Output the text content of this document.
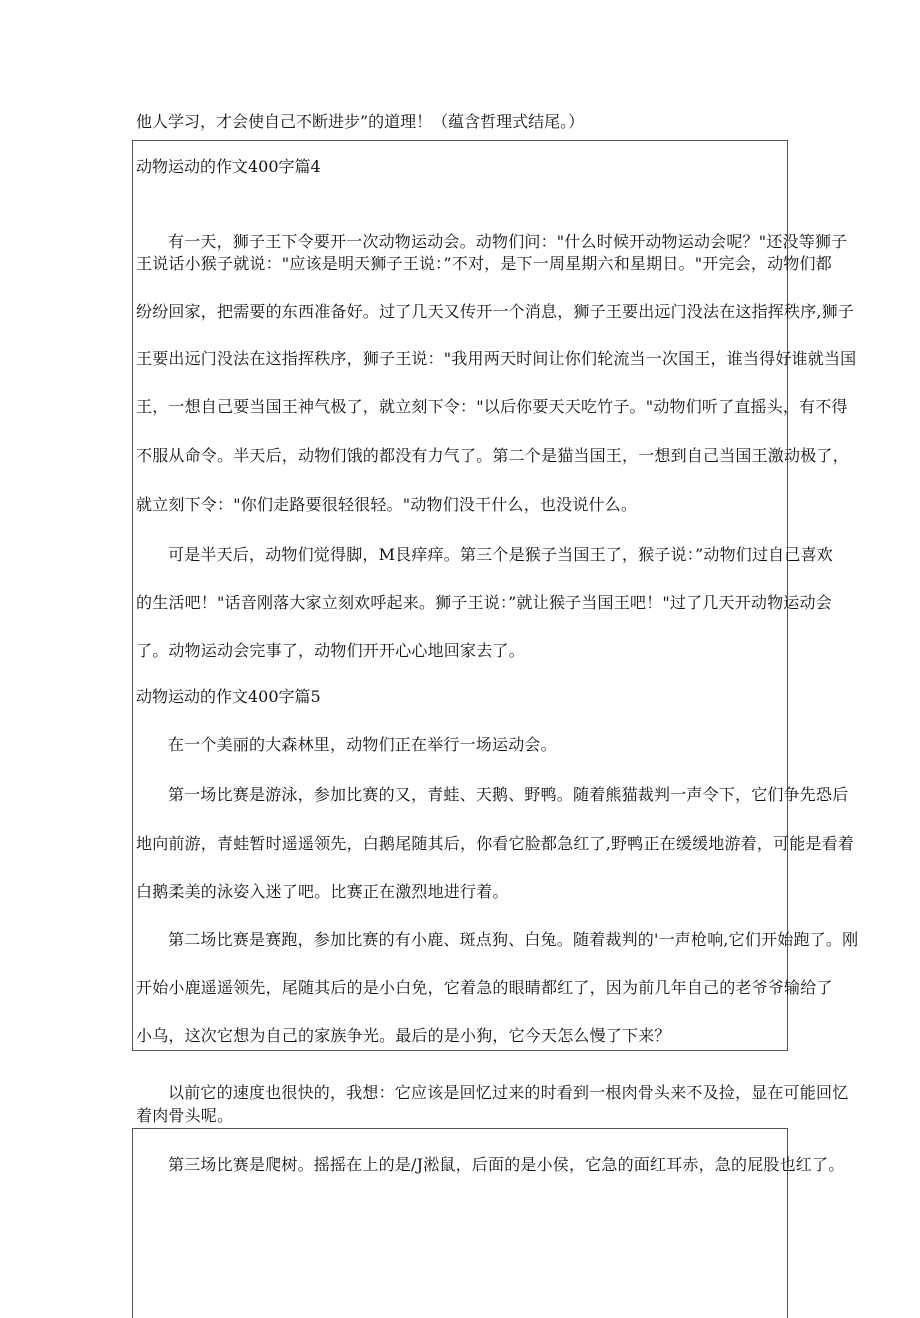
他人学习，才会使自己不断进步”的道理！（蕴含哲理式结尾。）

动物运动的作文400字篇4

有一天，狮子王下令要开一次动物运动会。动物们问："什么时候开动物运动会呢？"还没等狮子

王说话小猴子就说："应该是明天狮子王说：”不对，是下一周星期六和星期日。"开完会，动物们都

纷纷回家，把需要的东西准备好。过了几天又传开一个消息，狮子王要出远门没法在这指挥秩序,狮子

王要出远门没法在这指挥秩序，狮子王说："我用两天时间让你们轮流当一次国王，谁当得好谁就当国

王，一想自己要当国王神气极了，就立刻下令："以后你要天天吃竹子。"动物们听了直摇头，有不得

不服从命令。半天后，动物们饿的都没有力气了。第二个是猫当国王，一想到自己当国王激动极了，

就立刻下令："你们走路要很轻很轻。"动物们没干什么，也没说什么。

可是半天后，动物们觉得脚，M艮痒痒。第三个是猴子当国王了，猴子说：”动物们过自己喜欢

的生活吧！"话音刚落大家立刻欢呼起来。狮子王说：”就让猴子当国王吧！"过了几天开动物运动会

了。动物运动会完事了，动物们开开心心地回家去了。

动物运动的作文400字篇5

在一个美丽的大森林里，动物们正在举行一场运动会。

第一场比赛是游泳，参加比赛的又，青蛙、天鹅、野鸭。随着熊猫裁判一声令下，它们争先恐后

地向前游，青蛙暂时遥遥领先，白鹅尾随其后，你看它脸都急红了,野鸭正在缓缓地游着，可能是看着

白鹅柔美的泳姿入迷了吧。比赛正在激烈地进行着。

第二场比赛是赛跑，参加比赛的有小鹿、斑点狗、白兔。随着裁判的'一声枪响,它们开始跑了。刚

开始小鹿遥遥领先，尾随其后的是小白免，它着急的眼睛都红了，因为前几年自己的老爷爷输给了

小乌，这次它想为自己的家族争光。最后的是小狗，它今天怎么慢了下来？

以前它的速度也很快的，我想：它应该是回忆过来的时看到一根肉骨头来不及捡，显在可能回忆

着肉骨头呢。

第三场比赛是爬树。摇摇在上的是/J淞鼠，后面的是小侯，它急的面红耳赤，急的屁股也红了。
